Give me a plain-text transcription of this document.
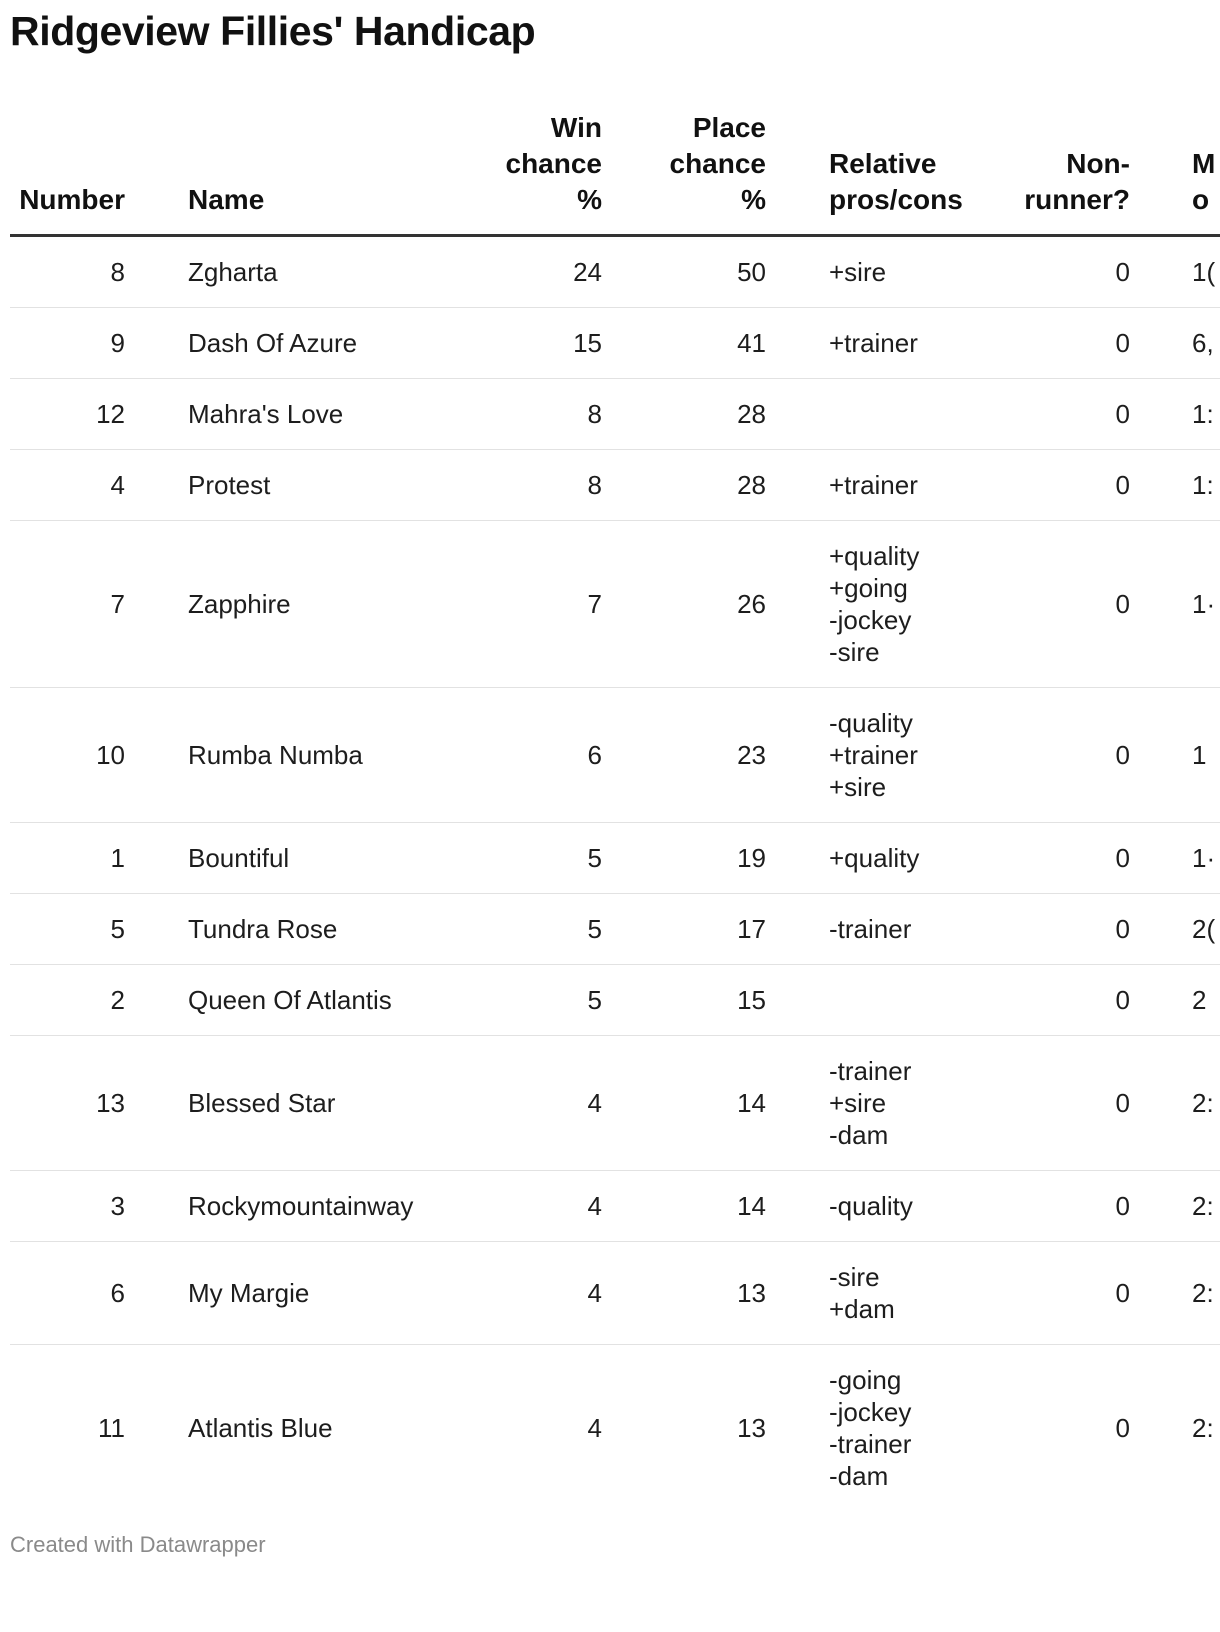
Ridgeview Fillies' Handicap
Number	Name	Win
chance
%	Place
chance
%	Relative
pros/cons	Non-
runner?	M
o

8	Zgharta	24	50	+sire	0	1(
9	Dash Of Azure	15	41	+trainer	0	6,
12	Mahra's Love	8	28		0	1:
4	Protest	8	28	+trainer	0	1:
7	Zapphire	7	26	+quality
+going
-jockey
-sire	0	1·
10	Rumba Numba	6	23	-quality
+trainer
+sire	0	1
1	Bountiful	5	19	+quality	0	1·
5	Tundra Rose	5	17	-trainer	0	2(
2	Queen Of Atlantis	5	15		0	2
13	Blessed Star	4	14	-trainer
+sire
-dam	0	2:
3	Rockymountainway	4	14	-quality	0	2:
6	My Margie	4	13	-sire
+dam	0	2:
11	Atlantis Blue	4	13	-going
-jockey
-trainer
-dam	0	2:
Created with Datawrapper
